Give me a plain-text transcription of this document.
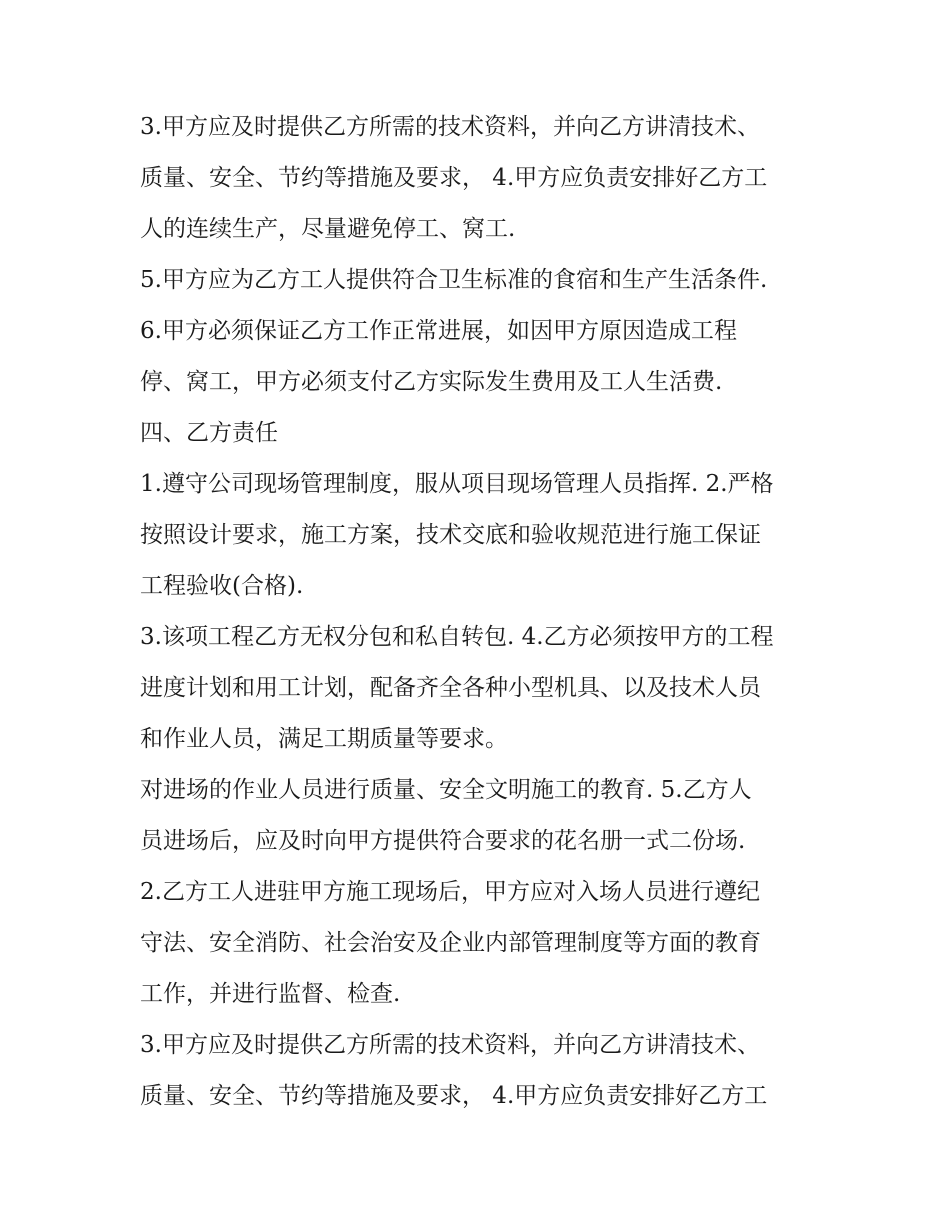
3.甲方应及时提供乙方所需的技术资料，并向乙方讲清技术、
质量、安全、节约等措施及要求， 4.甲方应负责安排好乙方工
人的连续生产，尽量避免停工、窝工.
5.甲方应为乙方工人提供符合卫生标准的食宿和生产生活条件.
6.甲方必须保证乙方工作正常进展，如因甲方原因造成工程
停、窝工，甲方必须支付乙方实际发生费用及工人生活费.
四、乙方责任
1.遵守公司现场管理制度，服从项目现场管理人员指挥. 2.严格
按照设计要求，施工方案，技术交底和验收规范进行施工保证
工程验收(合格).
3.该项工程乙方无权分包和私自转包. 4.乙方必须按甲方的工程
进度计划和用工计划，配备齐全各种小型机具、以及技术人员
和作业人员，满足工期质量等要求。
对进场的作业人员进行质量、安全文明施工的教育. 5.乙方人
员进场后，应及时向甲方提供符合要求的花名册一式二份场.
2.乙方工人进驻甲方施工现场后，甲方应对入场人员进行遵纪
守法、安全消防、社会治安及企业内部管理制度等方面的教育
工作，并进行监督、检查.
3.甲方应及时提供乙方所需的技术资料，并向乙方讲清技术、
质量、安全、节约等措施及要求， 4.甲方应负责安排好乙方工
